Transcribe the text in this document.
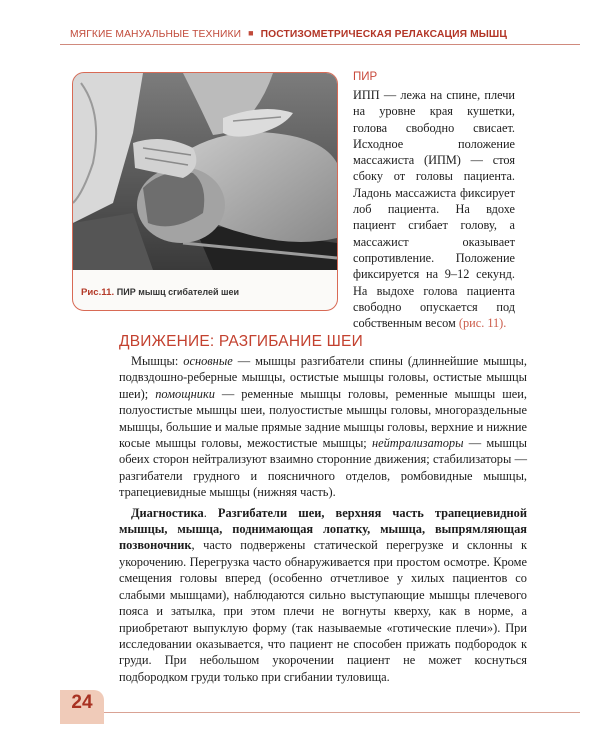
МЯГКИЕ МАНУАЛЬНЫЕ ТЕХНИКИ ■ ПОСТИЗОМЕТРИЧЕСКАЯ РЕЛАКСАЦИЯ МЫШЦ
Рис.11. ПИР мышц сгибателей шеи

ПИР

ИПП — лежа на спине, плечи на уровне края кушетки, голова свободно свисает. Исходное положение массажиста (ИПМ) — стоя сбоку от головы пациента. Ладонь массажиста фиксирует лоб пациента. На вдохе пациент сгибает голову, а массажист оказывает сопротивление. Положение фиксируется на 9–12 секунд. На выдохе голова пациента свободно опускается под собственным весом (рис. 11).

ДВИЖЕНИЕ: РАЗГИБАНИЕ ШЕИ

Мышцы: основные — мышцы разгибатели спины (длиннейшие мышцы, подвздошно-реберные мышцы, остистые мышцы головы, остистые мышцы шеи); помощники — ременные мышцы головы, ременные мышцы шеи, полуостистые мышцы шеи, полуостистые мышцы головы, многораздельные мышцы, большие и малые прямые задние мышцы головы, верхние и нижние косые мышцы головы, межостистые мышцы; нейтрализаторы — мышцы обеих сторон нейтрализуют взаимно сторонние движения; стабилизаторы — разгибатели грудного и поясничного отделов, ромбовидные мышцы, трапециевидные мышцы (нижняя часть).

Диагностика. Разгибатели шеи, верхняя часть трапециевидной мышцы, мышца, поднимающая лопатку, мышца, выпрямляющая позвоночник, часто подвержены статической перегрузке и склонны к укорочению. Перегрузка часто обнаруживается при простом осмотре. Кроме смещения головы вперед (особенно отчетливое у хилых пациентов со слабыми мышцами), наблюдаются сильно выступающие мышцы плечевого пояса и затылка, при этом плечи не вогнуты кверху, как в норме, а приобретают выпуклую форму (так называемые «готические плечи»). При исследовании оказывается, что пациент не способен прижать подбородок к груди. При небольшом укорочении пациент не может коснуться подбородком груди только при сгибании туловища.

24
